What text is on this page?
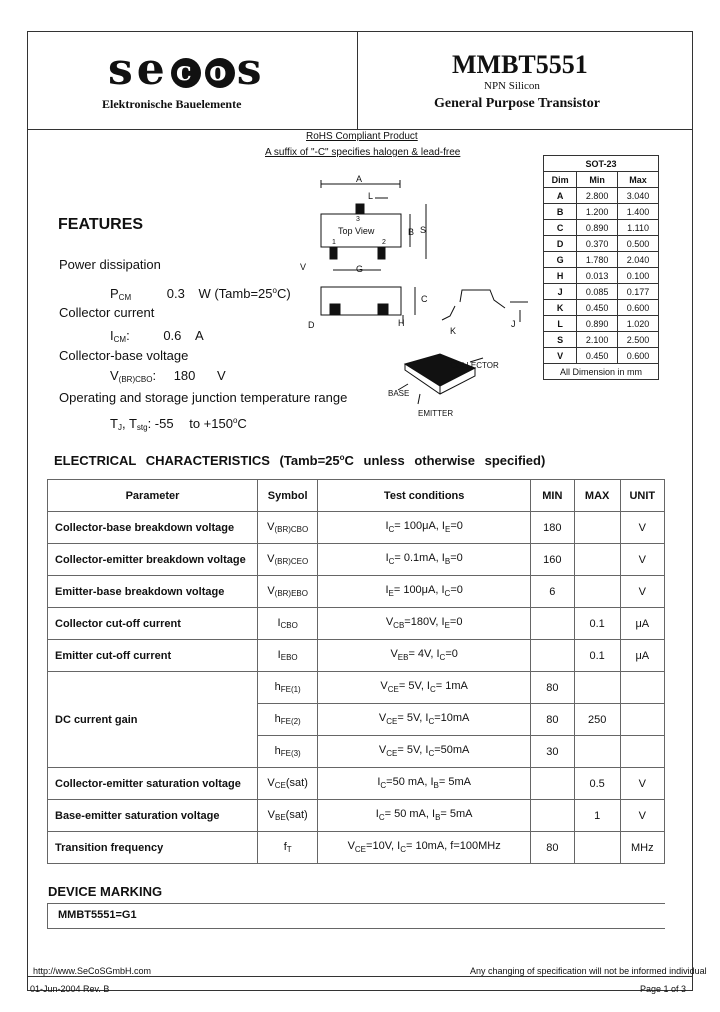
se c o s
Elektronische Bauelemente
MMBT5551
NPN Silicon
General Purpose Transistor
RoHS Compliant Product
A suffix of "-C" specifies halogen & lead-free
A
L
B S
V	G
C
D	H
K
J
Top View
3
1	2
COLLECTOR
BASE
EMITTER
SOT-23		
Dim	Min	Max
A	2.800	3.040
B	1.200	1.400
C	0.890	1.110
D	0.370	0.500
G	1.780	2.040
H	0.013	0.100
J	0.085	0.177
K	0.450	0.600
L	0.890	1.020
S	2.100	2.500
V	0.450	0.600
All Dimension in mm		
FEATURES
Power dissipation
$P_{CM}$	0.3 W $(Tamb=25^oC)$
Collector current
$I_{CM}$:	0.6 A
Collector-base voltage
$V_{(BR)CBO}$: 180 V
Operating and storage junction temperature range
$T_J$, $T_{stg}$: -55 to $+150^oC$
ELECTRICAL CHARACTERISTICS ($Tamb=25^oC$ unless otherwise specified)
Parameter	Symbol	Test conditions	MIN	MAX	UNIT
Collector-base breakdown voltage	$V_{(BR)CBO}$	$I_C= 100\mu A$, $I_E=0$	180		V
Collector-emitter breakdown voltage	$V_{(BR)CEO}$	$I_C= 0.1mA$, $I_B=0$	160		V
Emitter-base breakdown voltage	$V_{(BR)EBO}$	$I_E= 100\mu A$, $I_C=0$	6		V
Collector cut-off current	$I_{CBO}$	$V_{CB}=180V$, $I_E=0$		0.1	μA
Emitter cut-off current	$I_{EBO}$	$V_{EB}= 4V$, $I_C=0$		0.1	μA
DC current gain	$h_{FE(1)}$	$V_{CE}= 5V$, $I_C= 1mA$	80		
	$h_{FE(2)}$	$V_{CE}= 5V$, $I_C=10mA$	80	250	
	$h_{FE(3)}$	$V_{CE}= 5V$, $I_C=50mA$	30		
Collector-emitter saturation voltage	$V_{CE}(sat)$	$I_C=50$ mA, $I_B= 5mA$		0.5	V
Base-emitter saturation voltage	$V_{BE}(sat)$	$I_C= 50$ mA, $I_B= 5mA$		1	V
Transition frequency	$f_T$	$V_{CE}=10V$, $I_C= 10mA$, f=100MHz	80		MHz
DEVICE MARKING
MMBT5551=G1
http://www.SeCoSGmbH.com	Any changing of specification will not be informed individual
01-Jun-2004 Rev. B	Page 1 of 3
